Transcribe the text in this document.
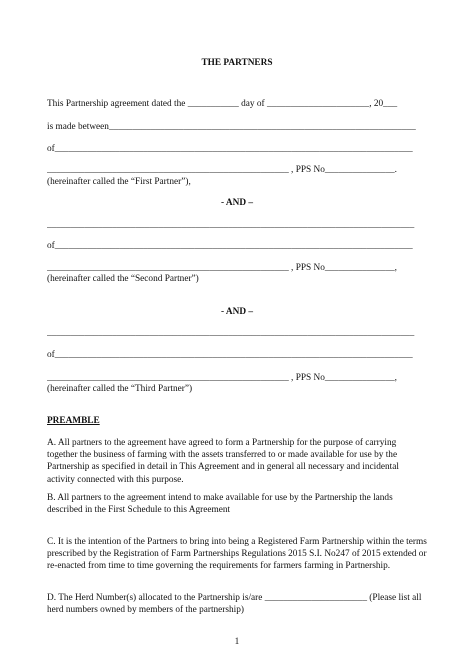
THE PARTNERS
This Partnership agreement dated the ___________ day of ______________________, 20___
is made between__________________________________________________________________
of_____________________________________________________________________________
____________________________________________________ , PPS No_______________.
(hereinafter called the “First Partner”),
- AND –
_______________________________________________________________________________
of_____________________________________________________________________________
____________________________________________________ , PPS No_______________,
(hereinafter called the “Second Partner”)
- AND –
_______________________________________________________________________________
of_____________________________________________________________________________
____________________________________________________ , PPS No_______________,
(hereinafter called the “Third Partner”)
PREAMBLE
A. All partners to the agreement have agreed to form a Partnership for the purpose of carrying together the business of farming with the assets transferred to or made available for use by the Partnership as specified in detail in This Agreement and in general all necessary and incidental activity connected with this purpose.
B. All partners to the agreement intend to make available for use by the Partnership the lands described in the First Schedule to this Agreement
C. It is the intention of the Partners to bring into being a Registered Farm Partnership within the terms prescribed by the Registration of Farm Partnerships Regulations 2015 S.I. No247 of 2015 extended or re-enacted from time to time governing the requirements for farmers farming in Partnership.
D. The Herd Number(s) allocated to the Partnership is/are ______________________ (Please list all herd numbers owned by members of the partnership)
1
